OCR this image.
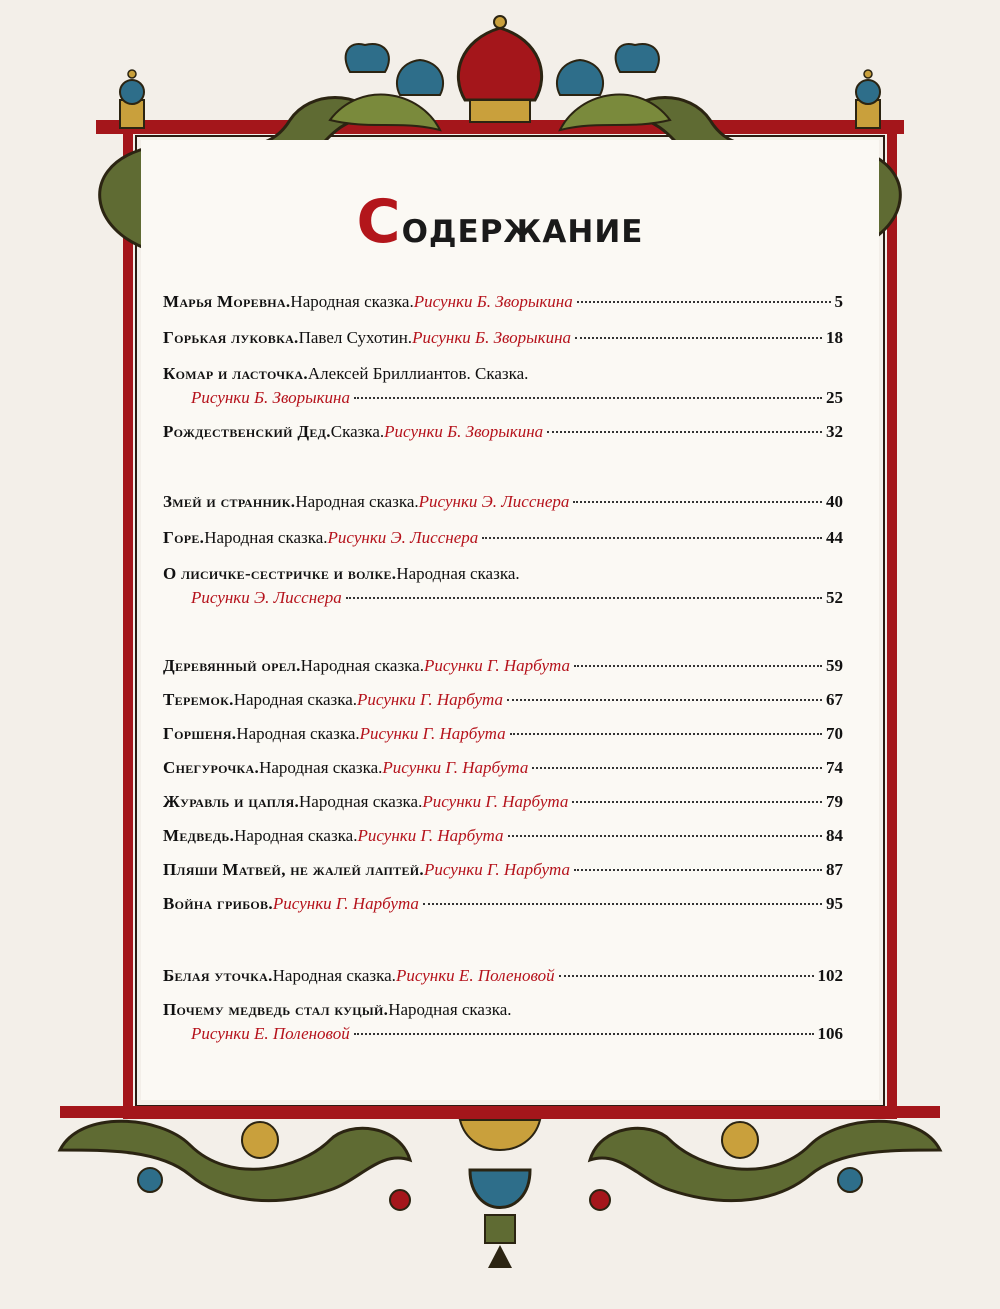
Содержание
Марья Моревна. Народная сказка. Рисунки Б. Зворыкина	5
Горькая луковка. Павел Сухотин. Рисунки Б. Зворыкина	18
Комар и ласточка. Алексей Бриллиантов. Сказка.
Рисунки Б. Зворыкина	25
Рождественский Дед. Сказка. Рисунки Б. Зворыкина	32
Змей и странник. Народная сказка. Рисунки Э. Лисснера	40
Горе. Народная сказка. Рисунки Э. Лисснера	44
О лисичке-сестричке и волке. Народная сказка.
Рисунки Э. Лисснера	52
Деревянный орел. Народная сказка. Рисунки Г. Нарбута	59
Теремок. Народная сказка. Рисунки Г. Нарбута	67
Горшеня. Народная сказка. Рисунки Г. Нарбута	70
Снегурочка. Народная сказка. Рисунки Г. Нарбута	74
Журавль и цапля. Народная сказка. Рисунки Г. Нарбута	79
Медведь. Народная сказка. Рисунки Г. Нарбута	84
Пляши Матвей, не жалей лаптей. Рисунки Г. Нарбута	87
Война грибов. Рисунки Г. Нарбута	95
Белая уточка. Народная сказка. Рисунки Е. Поленовой	102
Почему медведь стал куцый. Народная сказка.
Рисунки Е. Поленовой	106
